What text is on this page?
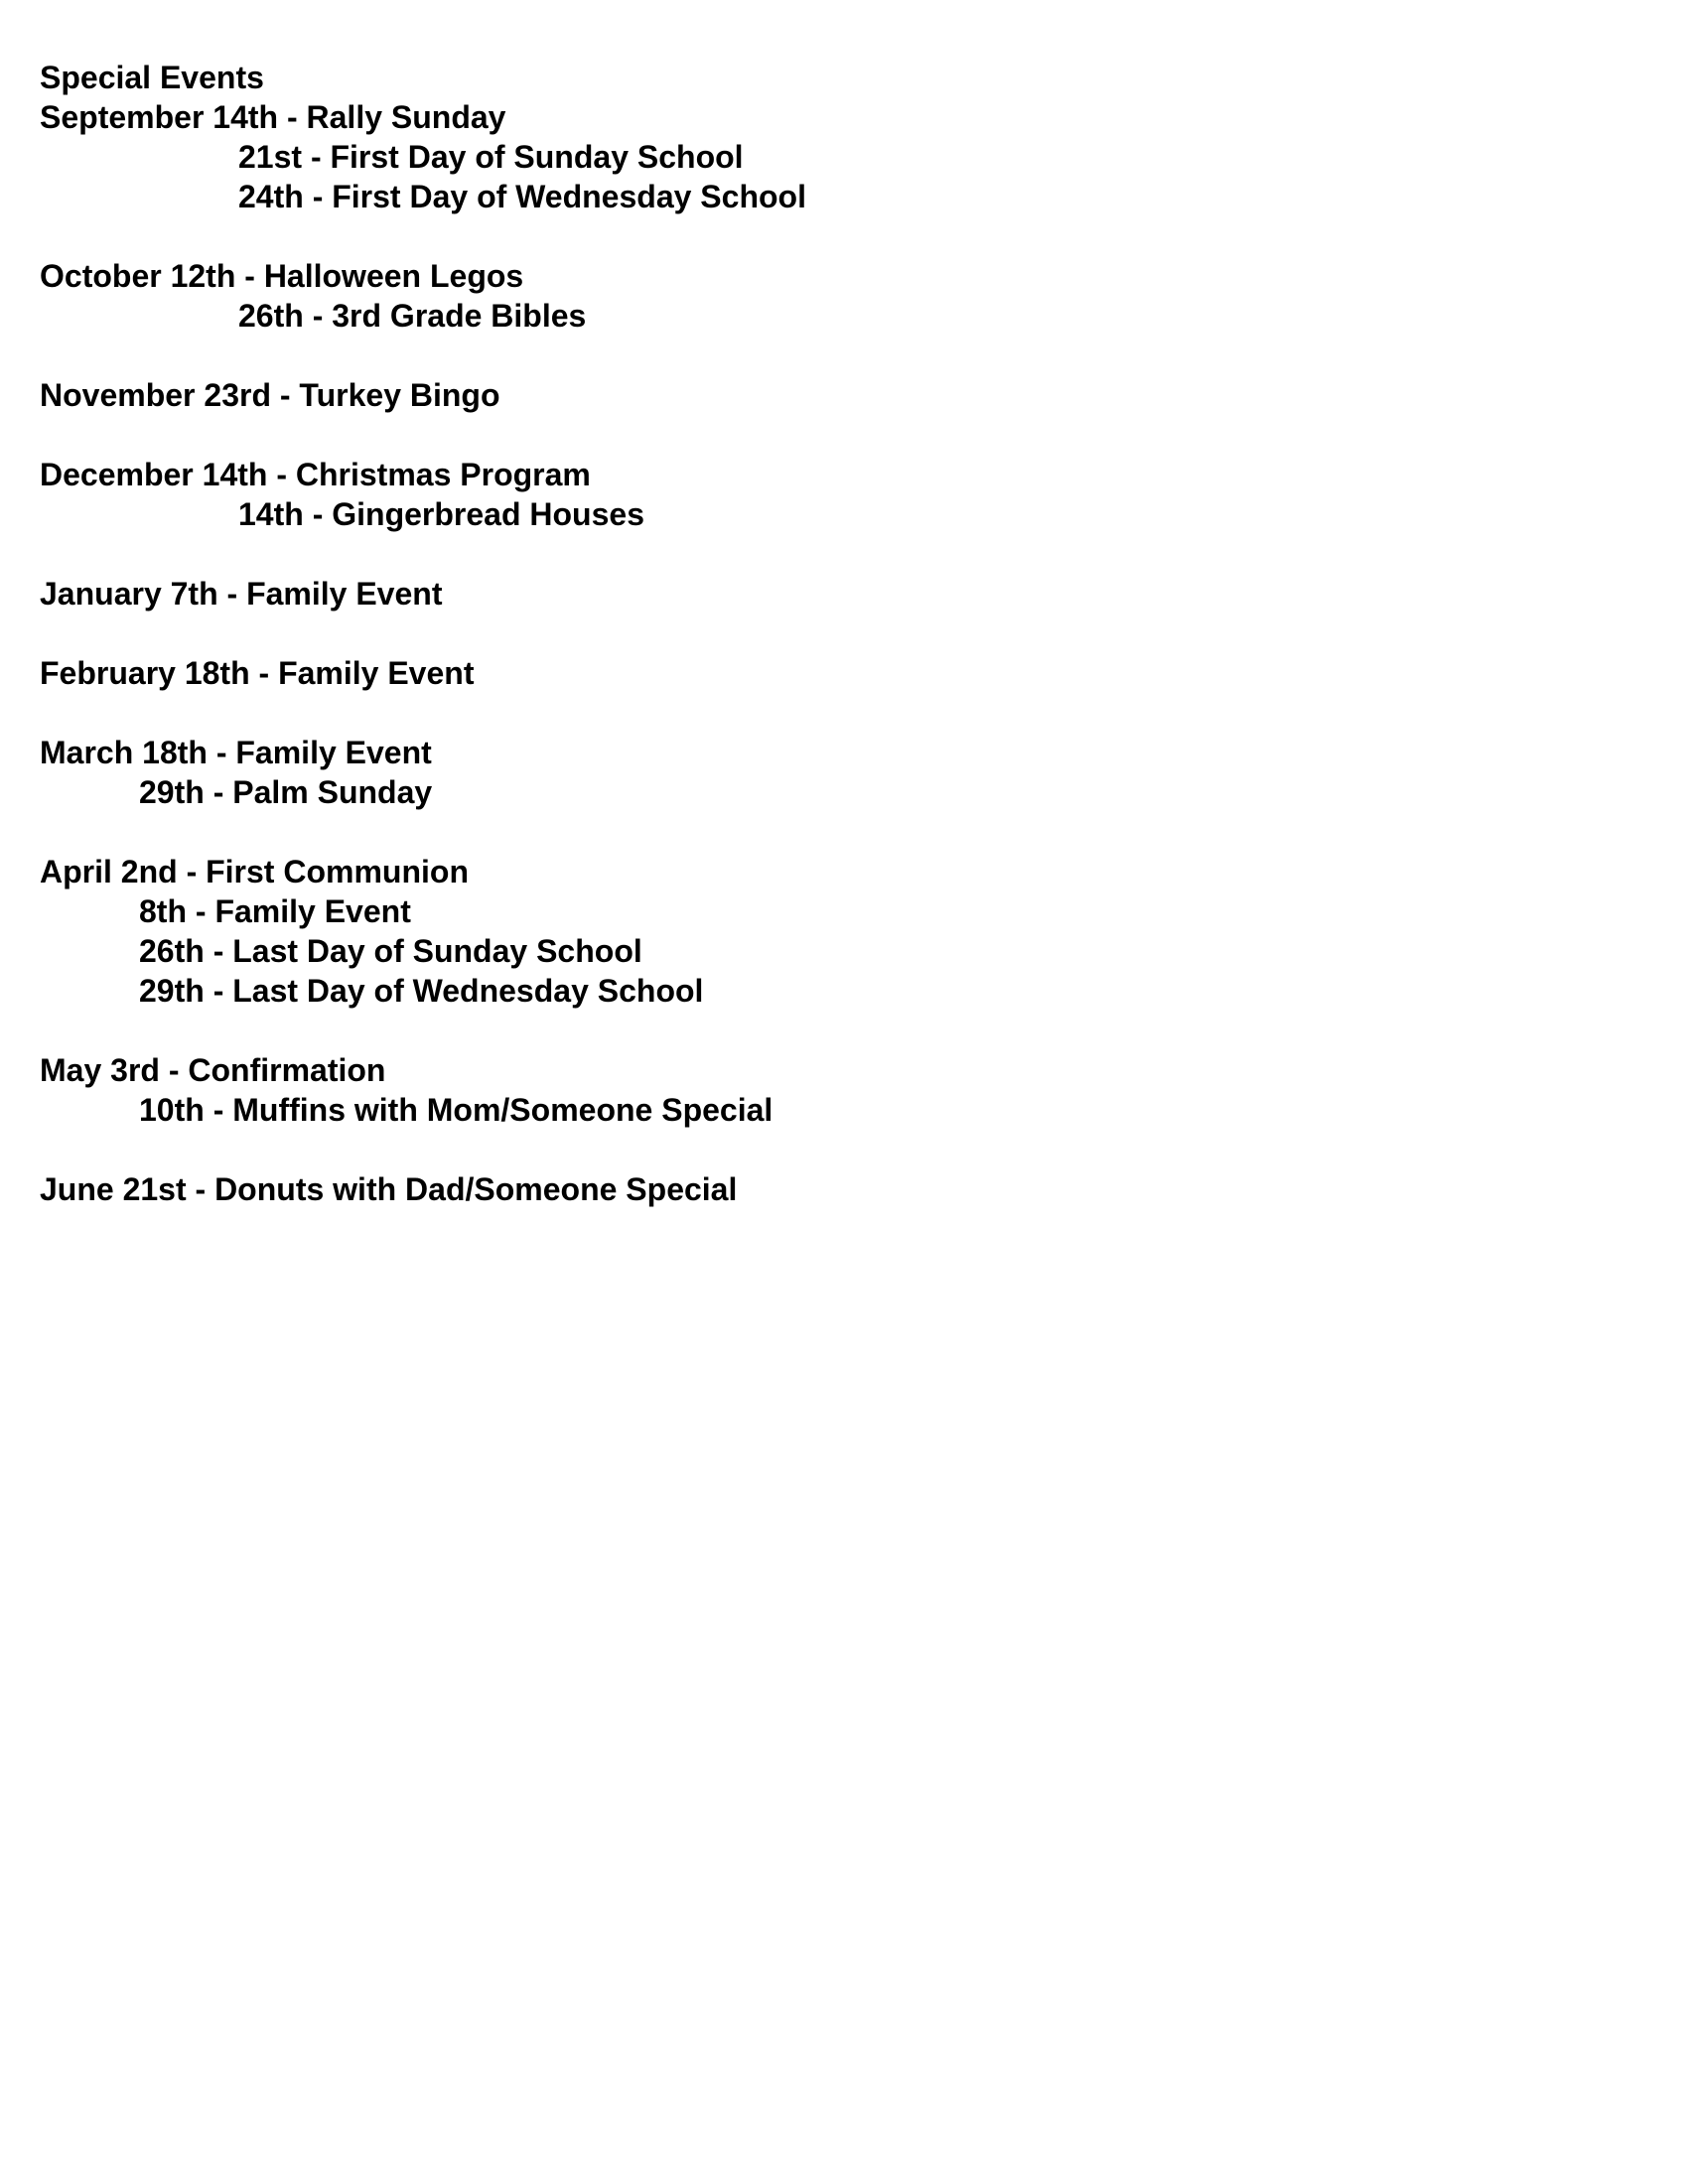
Special Events
September 14th - Rally Sunday
21st - First Day of Sunday School
24th - First Day of Wednesday School
October 12th - Halloween Legos
26th - 3rd Grade Bibles
November 23rd - Turkey Bingo
December 14th - Christmas Program
14th - Gingerbread Houses
January 7th - Family Event
February 18th - Family Event
March 18th - Family Event
29th - Palm Sunday
April 2nd - First Communion
8th - Family Event
26th - Last Day of Sunday School
29th - Last Day of Wednesday School
May 3rd - Confirmation
10th - Muffins with Mom/Someone Special
June 21st - Donuts with Dad/Someone Special
